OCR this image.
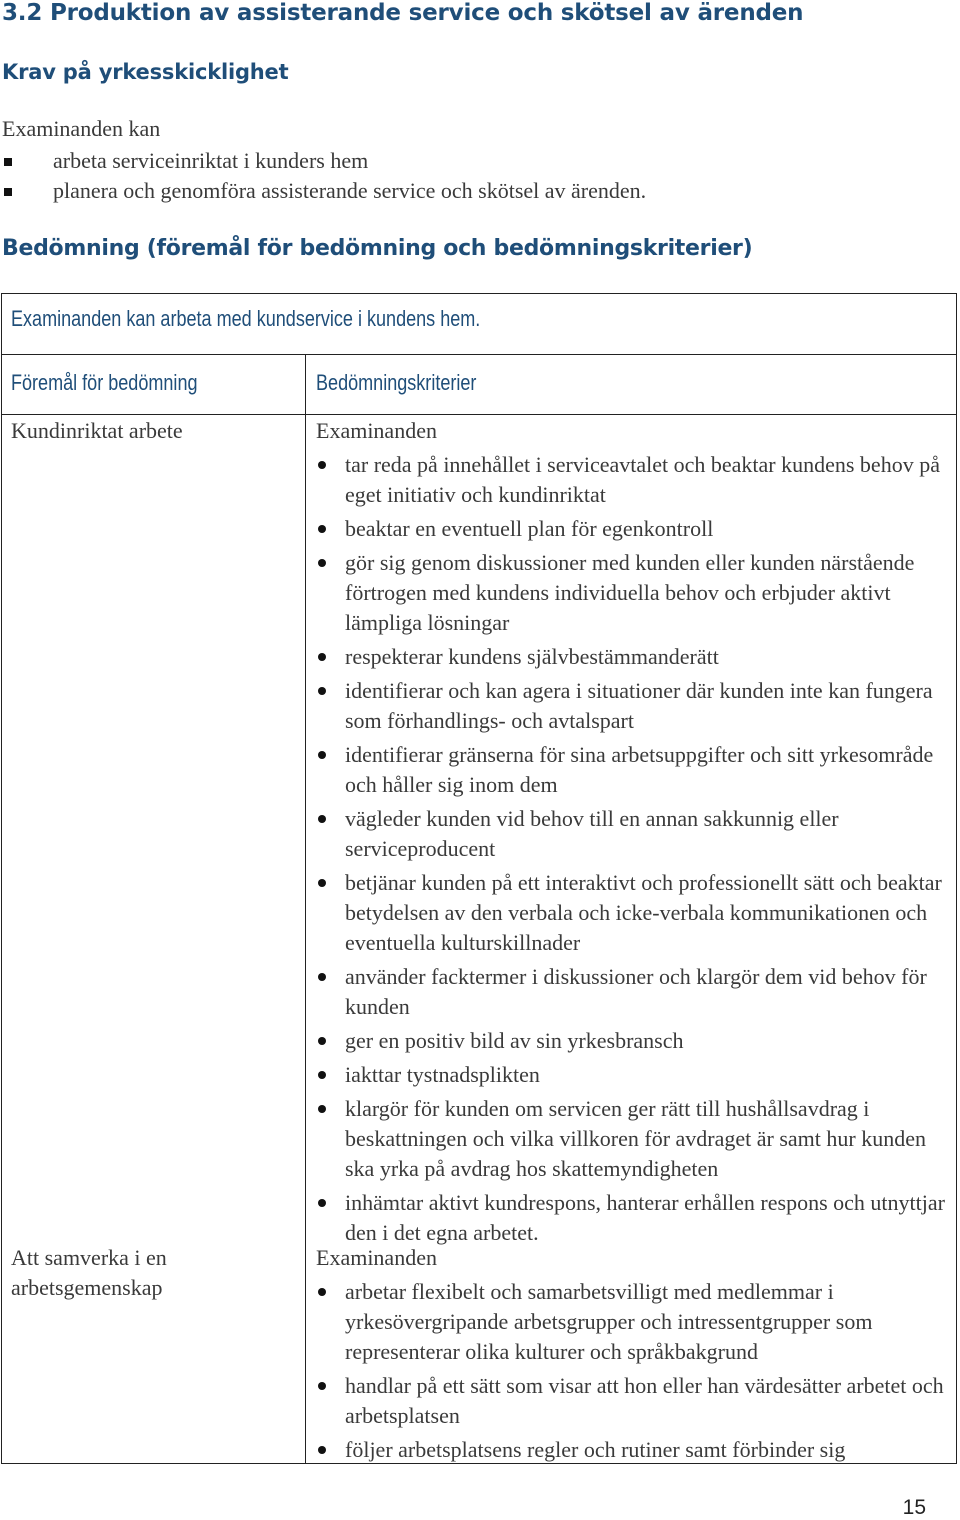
3.2 Produktion av assisterande service och skötsel av ärenden
Krav på yrkesskicklighet
Examinanden kan
arbeta serviceinriktat i kunders hem
planera och genomföra assisterande service och skötsel av ärenden.
Bedömning (föremål för bedömning och bedömningskriterier)
Examinanden kan arbeta med kundservice i kundens hem.
Föremål för bedömning	Bedömningskriterier
Kundinriktat arbete	Examinanden
tar reda på innehållet i serviceavtalet och beaktar kundens behov på eget initiativ och kundinriktat
beaktar en eventuell plan för egenkontroll
gör sig genom diskussioner med kunden eller kunden närstående förtrogen med kundens individuella behov och erbjuder aktivt lämpliga lösningar
respekterar kundens självbestämmanderätt
identifierar och kan agera i situationer där kunden inte kan fungera som förhandlings- och avtalspart
identifierar gränserna för sina arbetsuppgifter och sitt yrkesområde och håller sig inom dem
vägleder kunden vid behov till en annan sakkunnig eller serviceproducent
betjänar kunden på ett interaktivt och professionellt sätt och beaktar betydelsen av den verbala och icke-verbala kommunikationen och eventuella kulturskillnader
använder facktermer i diskussioner och klargör dem vid behov för kunden
ger en positiv bild av sin yrkesbransch
iakttar tystnadsplikten
klargör för kunden om servicen ger rätt till hushållsavdrag i beskattningen och vilka villkoren för avdraget är samt hur kunden ska yrka på avdrag hos skattemyndigheten
inhämtar aktivt kundrespons, hanterar erhållen respons och utnyttjar den i det egna arbetet.
Att samverka i en arbetsgemenskap
Examinanden
arbetar flexibelt och samarbetsvilligt med medlemmar i yrkesövergripande arbetsgrupper och intressentgrupper som representerar olika kulturer och språkbakgrund
handlar på ett sätt som visar att hon eller han värdesätter arbetet och arbetsplatsen
följer arbetsplatsens regler och rutiner samt förbinder sig
15
